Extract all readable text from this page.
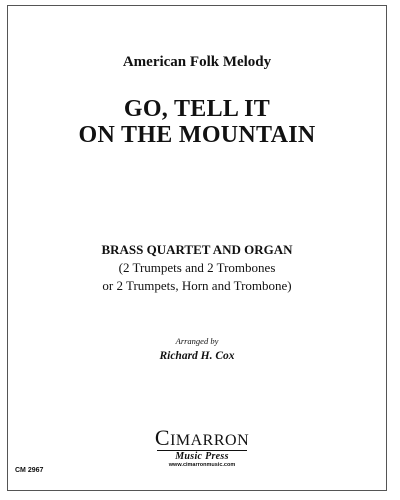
American Folk Melody
GO, TELL IT
ON THE MOUNTAIN
BRASS QUARTET AND ORGAN
(2 Trumpets and 2 Trombones
or 2 Trumpets, Horn and Trombone)
Arranged by
Richard H. Cox
CM 2967
CIMARRON
Music Press
www.cimarronmusic.com
